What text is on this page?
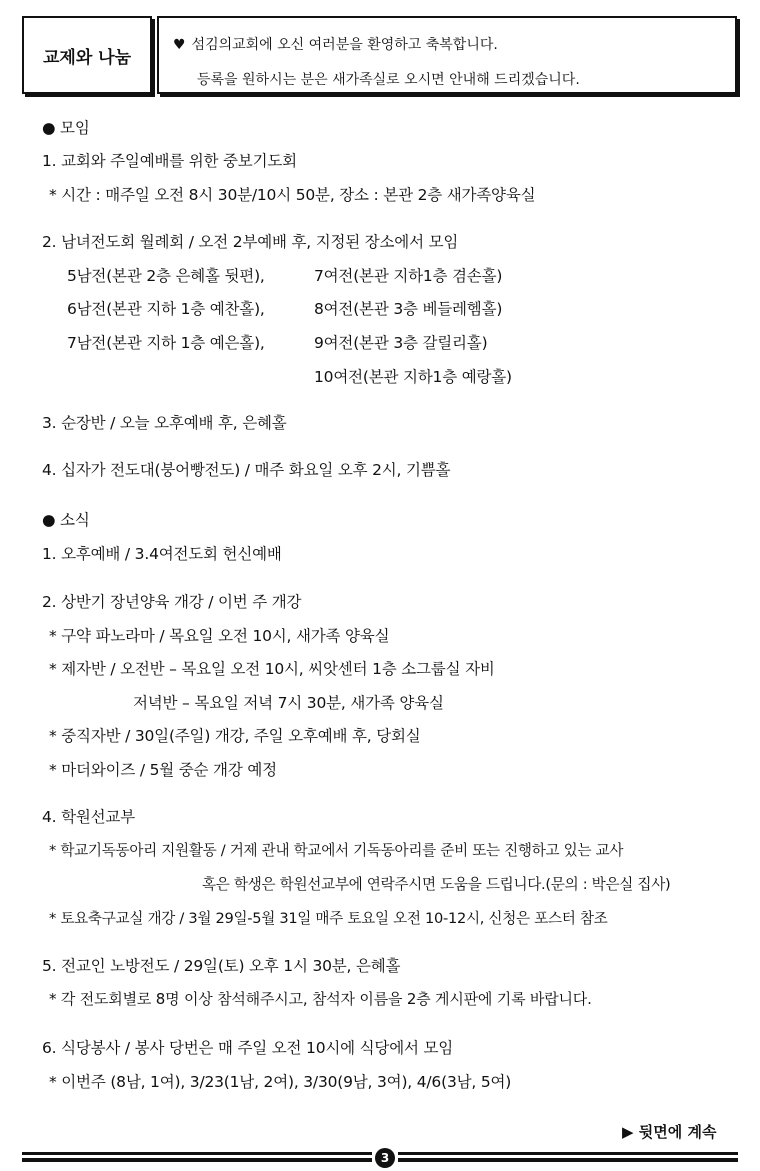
교제와 나눔
♥ 섬김의교회에 오신 여러분을 환영하고 축복합니다.
등록을 원하시는 분은 새가족실로 오시면 안내해 드리겠습니다.
● 모임
1. 교회와 주일예배를 위한 중보기도회
* 시간 : 매주일 오전 8시 30분/10시 50분, 장소 : 본관 2층 새가족양육실
2. 남녀전도회 월례회 / 오전 2부예배 후, 지정된 장소에서 모임
5남전(본관 2층 은혜홀 뒷편),	7여전(본관 지하1층 겸손홀)
6남전(본관 지하 1층 예찬홀),	8여전(본관 3층 베들레헴홀)
7남전(본관 지하 1층 예은홀),	9여전(본관 3층 갈릴리홀)
10여전(본관 지하1층 예랑홀)
3. 순장반 / 오늘 오후예배 후, 은혜홀
4. 십자가 전도대(붕어빵전도) / 매주 화요일 오후 2시, 기쁨홀
● 소식
1. 오후예배 / 3.4여전도회 헌신예배
2. 상반기 장년양육 개강 / 이번 주 개강
* 구약 파노라마 / 목요일 오전 10시, 새가족 양육실
* 제자반 / 오전반 – 목요일 오전 10시, 씨앗센터 1층 소그룹실 자비
저녁반 – 목요일 저녁 7시 30분, 새가족 양육실
* 중직자반 / 30일(주일) 개강, 주일 오후예배 후, 당회실
* 마더와이즈 / 5월 중순 개강 예정
4. 학원선교부
* 학교기독동아리 지원활동 / 거제 관내 학교에서 기독동아리를 준비 또는 진행하고 있는 교사
혹은 학생은 학원선교부에 연락주시면 도움을 드립니다.(문의 : 박은실 집사)
* 토요축구교실 개강 / 3월 29일-5월 31일 매주 토요일 오전 10-12시, 신청은 포스터 참조
5. 전교인 노방전도 / 29일(토) 오후 1시 30분, 은혜홀
* 각 전도회별로 8명 이상 참석해주시고, 참석자 이름을 2층 게시판에 기록 바랍니다.
6. 식당봉사 / 봉사 당번은 매 주일 오전 10시에 식당에서 모임
* 이번주 (8남, 1여), 3/23(1남, 2여), 3/30(9남, 3여), 4/6(3남, 5여)
▶ 뒷면에 계속
3
